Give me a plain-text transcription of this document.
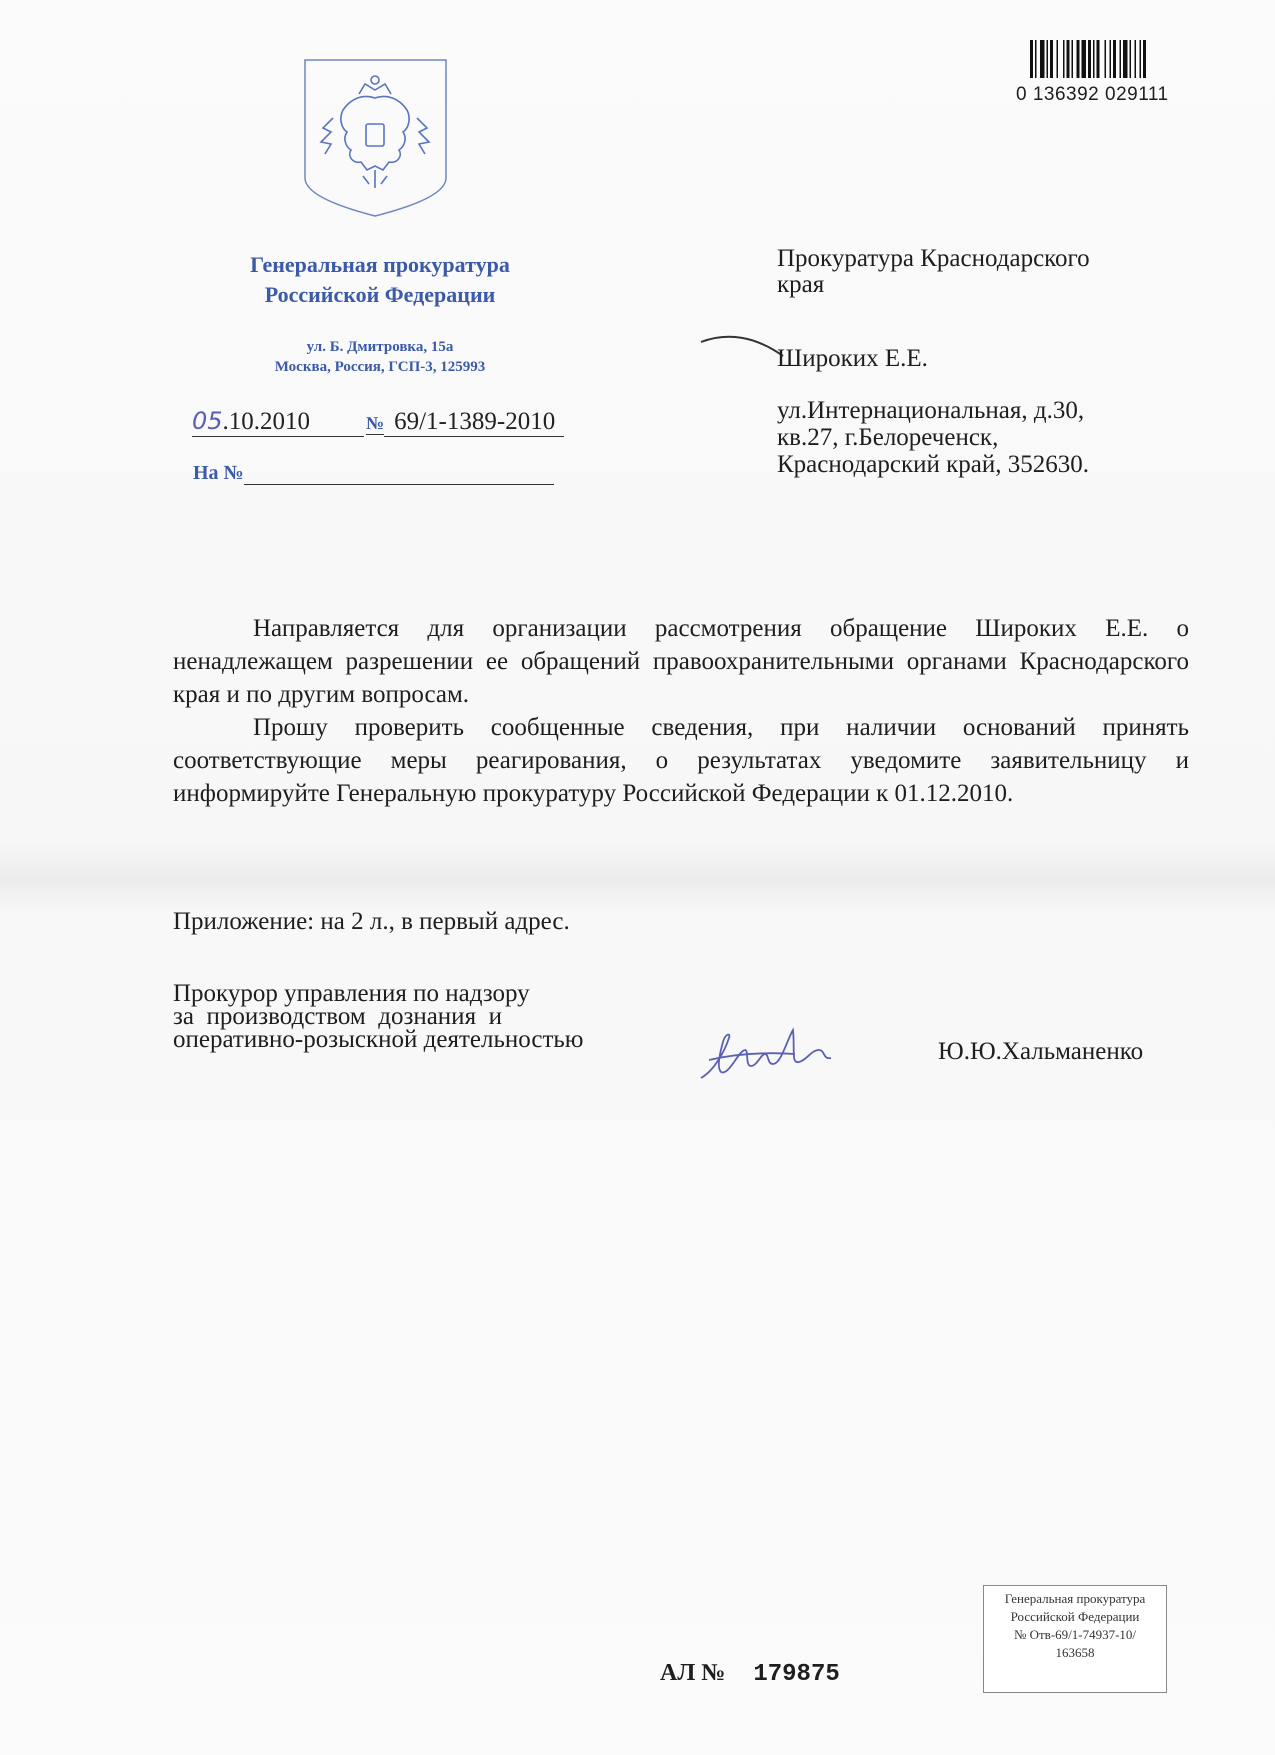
Генеральная прокуратура
Российской Федерации
ул. Б. Дмитровка, 15а
Москва, Россия, ГСП-3, 125993
05.10.2010	№ 69/1-1389-2010
На №
0 136392 029111
Прокуратура Краснодарского
края
Широких Е.Е.
ул.Интернациональная, д.30,
кв.27, г.Белореченск,
Краснодарский край, 352630.

Направляется для организации рассмотрения обращение Широких Е.Е. о ненадлежащем разрешении ее обращений правоохранительными органами Краснодарского края и по другим вопросам.

Прошу проверить сообщенные сведения, при наличии оснований принять соответствующие меры реагирования, о результатах уведомите заявительницу и информируйте Генеральную прокуратуру Российской Федерации к 01.12.2010.

Приложение: на 2 л., в первый адрес.
Прокурор управления по надзору
за  производством  дознания  и
оперативно-розыскной деятельностью	Ю.Ю.Хальманенко
Генеральная прокуратура
Российской Федерации
№ Отв-69/1-74937-10/
163658
АЛ № 179875
